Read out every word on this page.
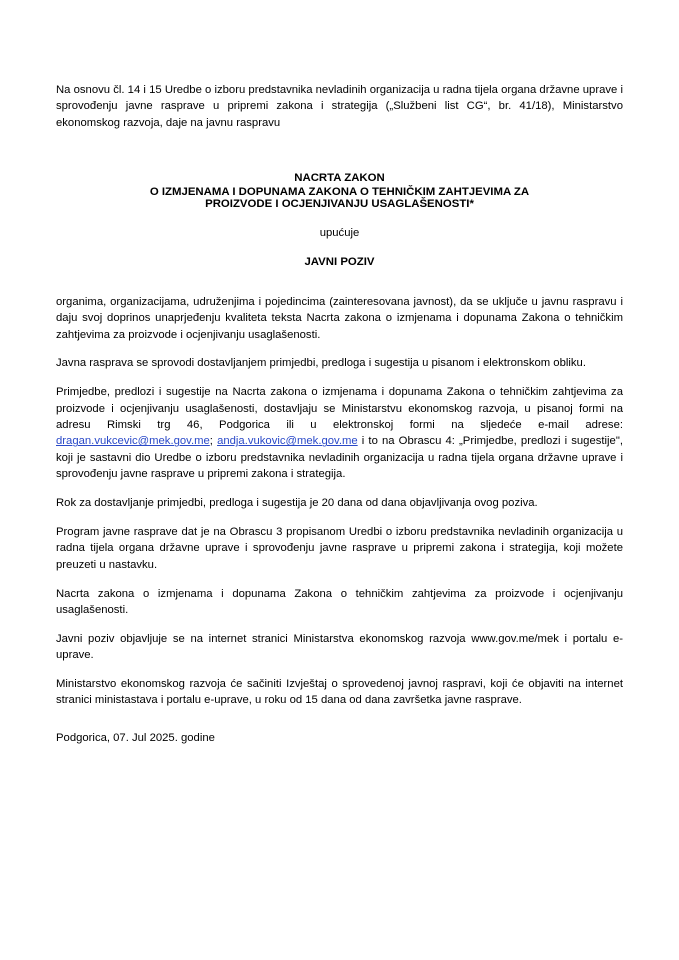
Na osnovu čl. 14 i 15 Uredbe o izboru predstavnika nevladinih organizacija u radna tijela organa državne uprave i sprovođenju javne rasprave u pripremi zakona i strategija („Službeni list CG“, br. 41/18), Ministarstvo ekonomskog razvoja, daje na javnu raspravu

NACRTA ZAKON

O IZMJENAMA I DOPUNAMA ZAKONA O TEHNIČKIM ZAHTJEVIMA ZA

PROIZVODE I OCJENJIVANJU USAGLAŠENOSTI*

upućuje

JAVNI POZIV

organima, organizacijama, udruženjima i pojedincima (zainteresovana javnost), da se uključe u javnu raspravu i daju svoj doprinos unaprjeđenju kvaliteta teksta Nacrta zakona o izmjenama i dopunama Zakona o tehničkim zahtjevima za proizvode i ocjenjivanju usaglašenosti.

Javna rasprava se sprovodi dostavljanjem primjedbi, predloga i sugestija u pisanom i elektronskom obliku.

Primjedbe, predlozi i sugestije na Nacrta zakona o izmjenama i dopunama Zakona o tehničkim zahtjevima za proizvode i ocjenjivanju usaglašenosti, dostavljaju se Ministarstvu ekonomskog razvoja, u pisanoj formi na adresu Rimski trg 46, Podgorica ili u elektronskoj formi na sljedeće e-mail adrese: dragan.vukcevic@mek.gov.me; andja.vukovic@mek.gov.me i to na Obrascu 4: „Primjedbe, predlozi i sugestije", koji je sastavni dio Uredbe o izboru predstavnika nevladinih organizacija u radna tijela organa državne uprave i sprovođenju javne rasprave u pripremi zakona i strategija.

Rok za dostavljanje primjedbi, predloga i sugestija je 20 dana od dana objavljivanja ovog poziva.

Program javne rasprave dat je na Obrascu 3 propisanom Uredbi o izboru predstavnika nevladinih organizacija u radna tijela organa državne uprave i sprovođenju javne rasprave u pripremi zakona i strategija, koji možete preuzeti u nastavku.

Nacrta zakona o izmjenama i dopunama Zakona o tehničkim zahtjevima za proizvode i ocjenjivanju usaglašenosti.

Javni poziv objavljuje se na internet stranici Ministarstva ekonomskog razvoja www.gov.me/mek i portalu e-uprave.

Ministarstvo ekonomskog razvoja će sačiniti Izvještaj o sprovedenoj javnoj raspravi, koji će objaviti na internet stranici ministastava i portalu e-uprave, u roku od 15 dana od dana završetka javne rasprave.

Podgorica, 07. Jul 2025. godine
